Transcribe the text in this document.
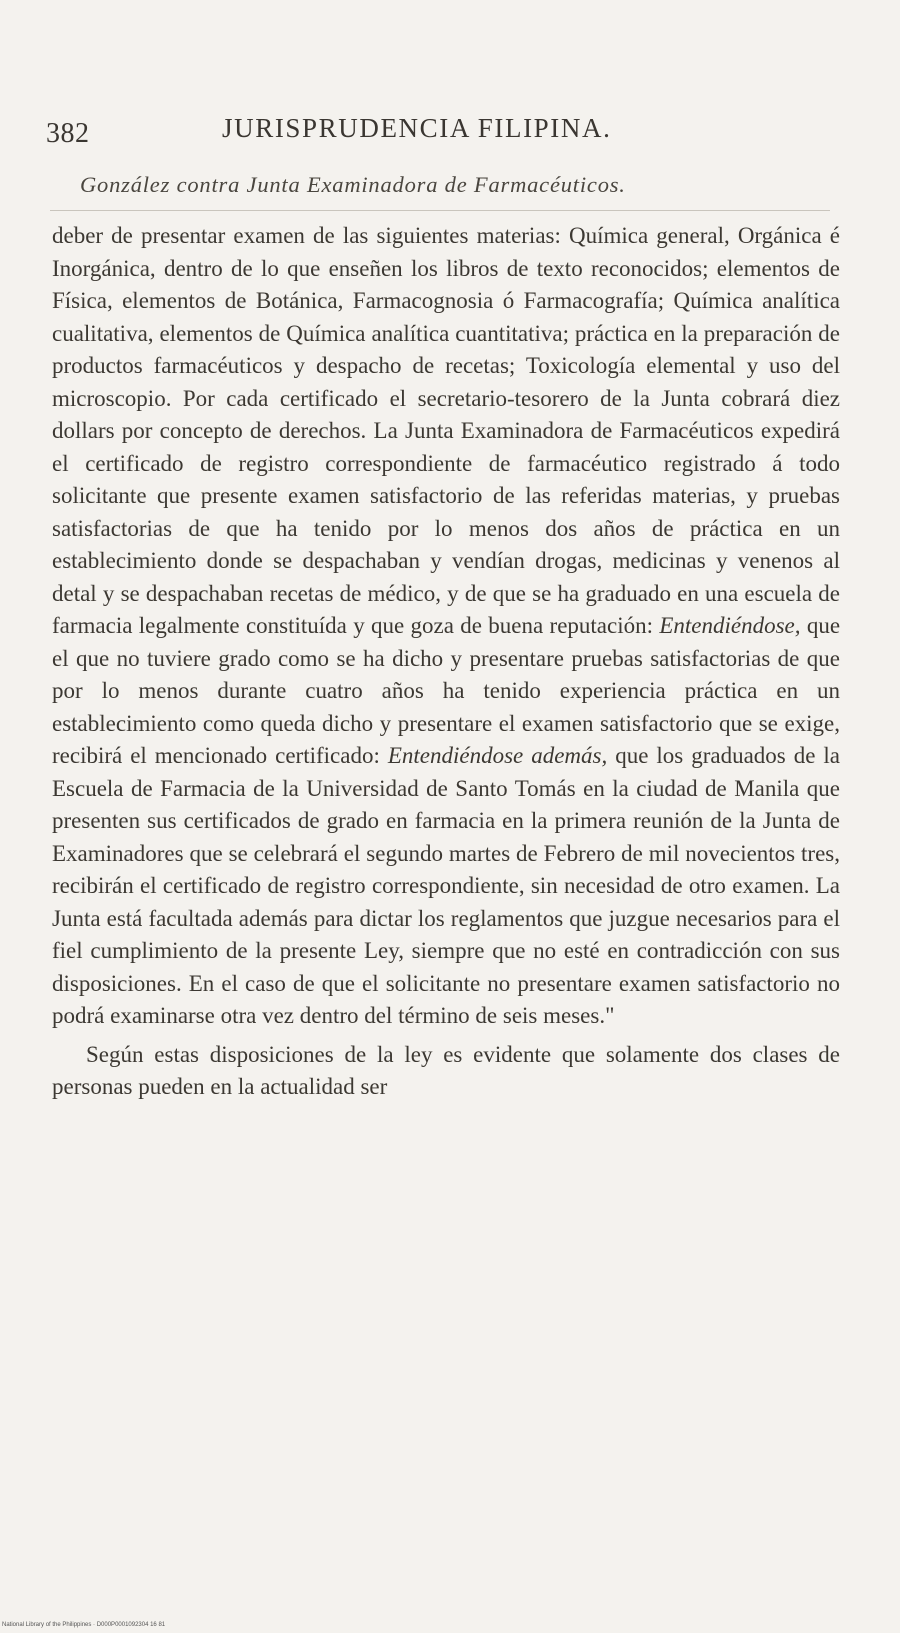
382	JURISPRUDENCIA FILIPINA.
González contra Junta Examinadora de Farmacéuticos.

deber de presentar examen de las siguientes materias: Química general, Orgánica é Inorgánica, dentro de lo que enseñen los libros de texto reconocidos; elementos de Física, elementos de Botánica, Farmacognosia ó Farmacografía; Química analítica cualitativa, elementos de Química analítica cuantitativa; práctica en la preparación de productos farmacéuticos y despacho de recetas; Toxicología elemental y uso del microscopio. Por cada certificado el secretario-tesorero de la Junta cobrará diez dollars por concepto de derechos. La Junta Examinadora de Farmacéuticos expedirá el certificado de registro correspondiente de farmacéutico registrado á todo solicitante que presente examen satisfactorio de las referidas materias, y pruebas satisfactorias de que ha tenido por lo menos dos años de práctica en un establecimiento donde se despachaban y vendían drogas, medicinas y venenos al detal y se despachaban recetas de médico, y de que se ha graduado en una escuela de farmacia legalmente constituída y que goza de buena reputación: Entendiéndose, que el que no tuviere grado como se ha dicho y presentare pruebas satisfactorias de que por lo menos durante cuatro años ha tenido experiencia práctica en un establecimiento como queda dicho y presentare el examen satisfactorio que se exige, recibirá el mencionado certificado: Entendiéndose además, que los graduados de la Escuela de Farmacia de la Universidad de Santo Tomás en la ciudad de Manila que presenten sus certificados de grado en farmacia en la primera reunión de la Junta de Examinadores que se celebrará el segundo martes de Febrero de mil novecientos tres, recibirán el certificado de registro correspondiente, sin necesidad de otro examen. La Junta está facultada además para dictar los reglamentos que juzgue necesarios para el fiel cumplimiento de la presente Ley, siempre que no esté en contradicción con sus disposiciones. En el caso de que el solicitante no presentare examen satisfactorio no podrá examinarse otra vez dentro del término de seis meses."

Según estas disposiciones de la ley es evidente que solamente dos clases de personas pueden en la actualidad ser

National Library of the Philippines · D000P0001092304 16 81
